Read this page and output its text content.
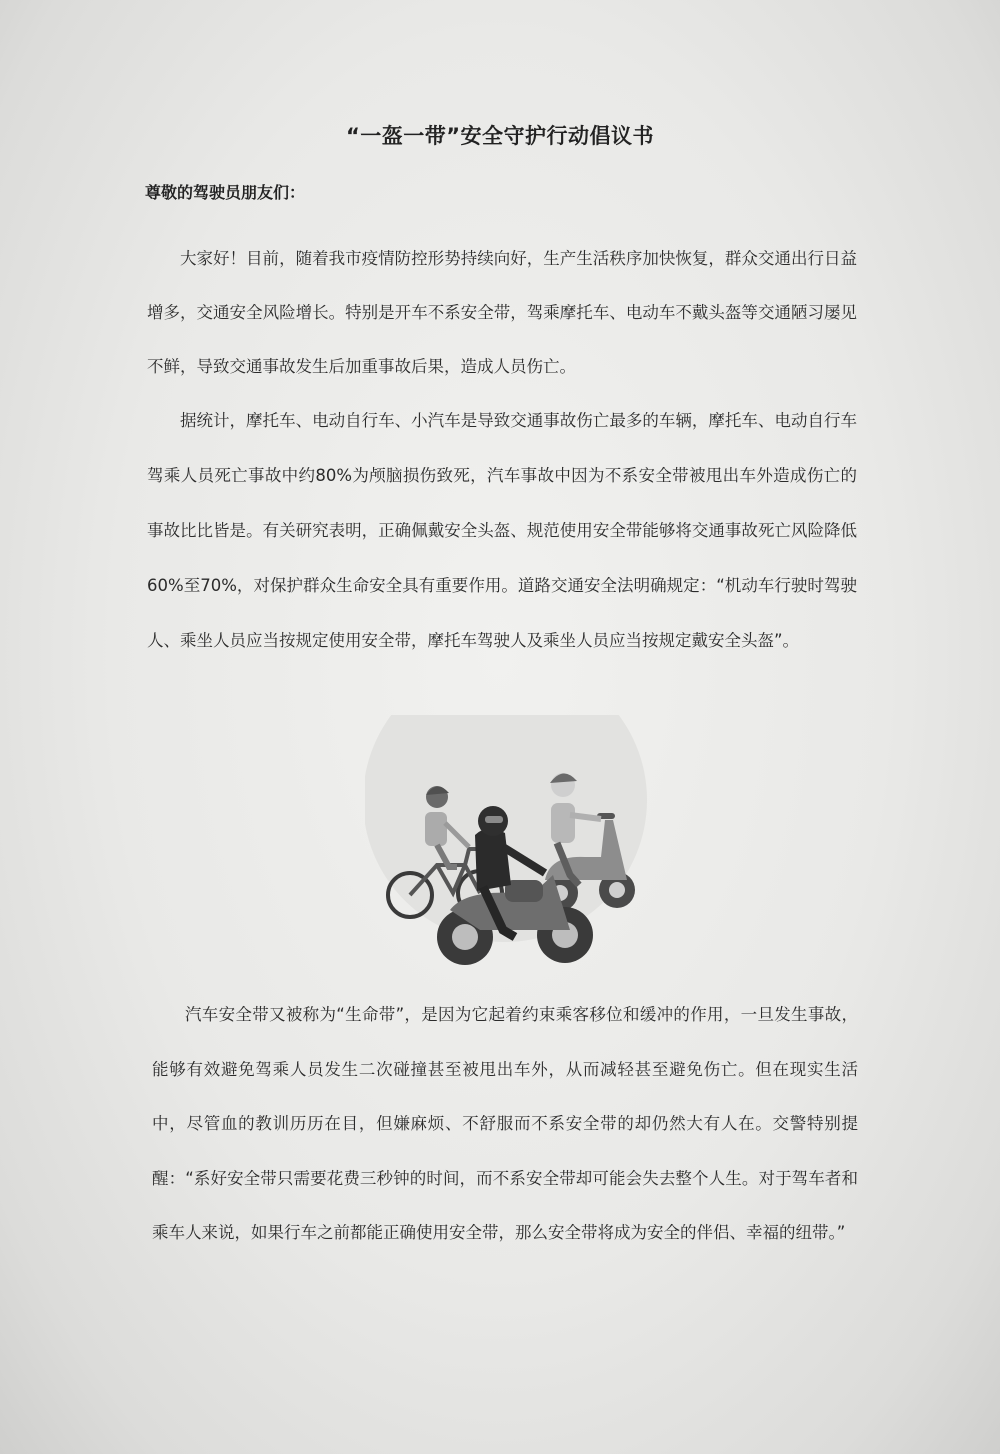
“一盔一带”安全守护行动倡议书
尊敬的驾驶员朋友们：

大家好！目前，随着我市疫情防控形势持续向好，生产生活秩序加快恢复，群众交通出行日益增多，交通安全风险增长。特别是开车不系安全带，驾乘摩托车、电动车不戴头盔等交通陋习屡见不鲜，导致交通事故发生后加重事故后果，造成人员伤亡。

据统计，摩托车、电动自行车、小汽车是导致交通事故伤亡最多的车辆，摩托车、电动自行车驾乘人员死亡事故中约80%为颅脑损伤致死，汽车事故中因为不系安全带被甩出车外造成伤亡的事故比比皆是。有关研究表明，正确佩戴安全头盔、规范使用安全带能够将交通事故死亡风险降低60%至70%，对保护群众生命安全具有重要作用。道路交通安全法明确规定：“机动车行驶时驾驶人、乘坐人员应当按规定使用安全带，摩托车驾驶人及乘坐人员应当按规定戴安全头盔”。

汽车安全带又被称为“生命带”，是因为它起着约束乘客移位和缓冲的作用，一旦发生事故，能够有效避免驾乘人员发生二次碰撞甚至被甩出车外，从而减轻甚至避免伤亡。但在现实生活中，尽管血的教训历历在目，但嫌麻烦、不舒服而不系安全带的却仍然大有人在。交警特别提醒：“系好安全带只需要花费三秒钟的时间，而不系安全带却可能会失去整个人生。对于驾车者和乘车人来说，如果行车之前都能正确使用安全带，那么安全带将成为安全的伴侣、幸福的纽带。”
